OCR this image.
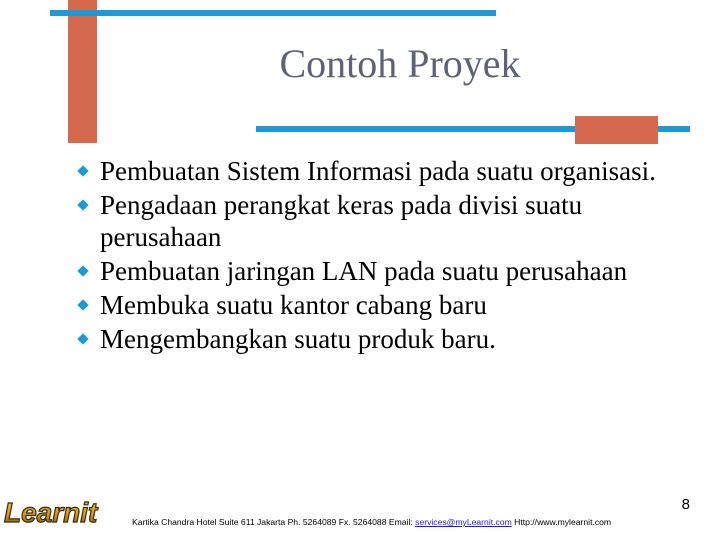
Contoh Proyek
Pembuatan Sistem Informasi pada suatu organisasi.
Pengadaan perangkat keras pada divisi suatu perusahaan
Pembuatan jaringan LAN pada suatu perusahaan
Membuka suatu kantor cabang baru
Mengembangkan suatu produk baru.
Learnit	8
Kartika Chandra Hotel Suite 611 Jakarta Ph. 5264089 Fx. 5264088 Email: services@myLearnit.com Http://www.mylearnit.com
